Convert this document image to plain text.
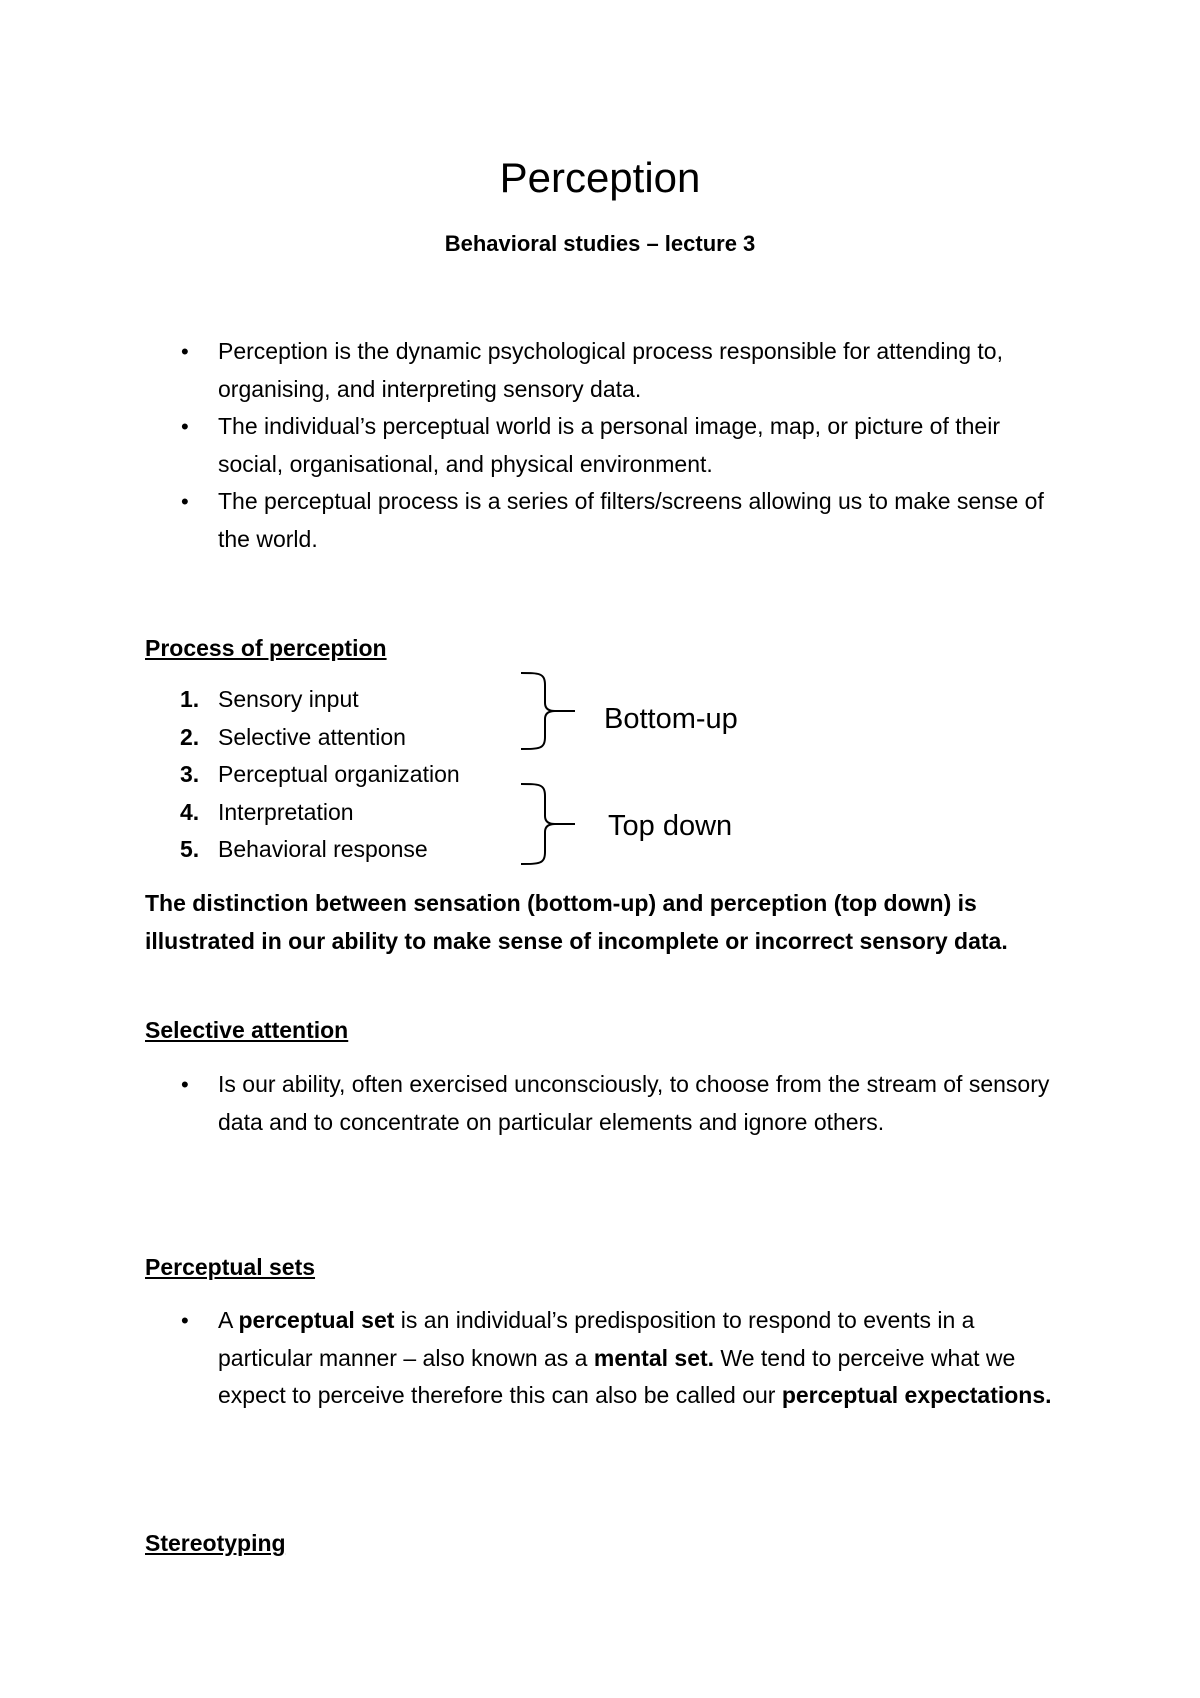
Perception
Behavioral studies – lecture 3
• Perception is the dynamic psychological process responsible for attending to, organising, and interpreting sensory data.
• The individual’s perceptual world is a personal image, map, or picture of their social, organisational, and physical environment.
• The perceptual process is a series of filters/screens allowing us to make sense of the world.
Process of perception
1. Sensory input
2. Selective attention
3. Perceptual organization
4. Interpretation
5. Behavioral response
Bottom-up
Top down
The distinction between sensation (bottom-up) and perception (top down) is illustrated in our ability to make sense of incomplete or incorrect sensory data.
Selective attention
• Is our ability, often exercised unconsciously, to choose from the stream of sensory data and to concentrate on particular elements and ignore others.
Perceptual sets
• A perceptual set is an individual’s predisposition to respond to events in a particular manner – also known as a mental set. We tend to perceive what we expect to perceive therefore this can also be called our perceptual expectations.
Stereotyping
